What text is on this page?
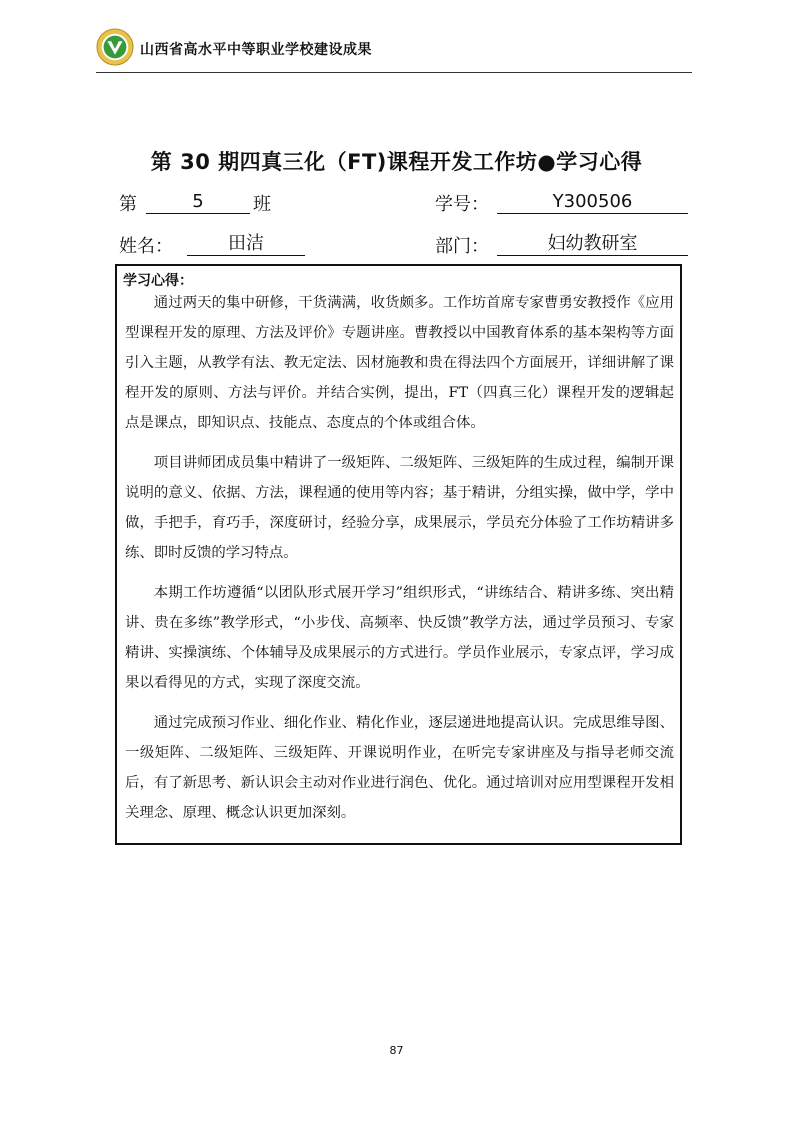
山西省高水平中等职业学校建设成果
第 30 期四真三化（FT)课程开发工作坊●学习心得
第	5	班	学号：	Y300506
姓名：	田洁	部门：	妇幼教研室
学习心得：

通过两天的集中研修，干货满满，收货颇多。工作坊首席专家曹勇安教授作《应用型课程开发的原理、方法及评价》专题讲座。曹教授以中国教育体系的基本架构等方面引入主题，从教学有法、教无定法、因材施教和贵在得法四个方面展开，详细讲解了课程开发的原则、方法与评价。并结合实例，提出，FT（四真三化）课程开发的逻辑起点是课点，即知识点、技能点、态度点的个体或组合体。

项目讲师团成员集中精讲了一级矩阵、二级矩阵、三级矩阵的生成过程，编制开课说明的意义、依据、方法，课程通的使用等内容；基于精讲，分组实操，做中学，学中做，手把手，育巧手，深度研讨，经验分享，成果展示，学员充分体验了工作坊精讲多练、即时反馈的学习特点。

本期工作坊遵循“以团队形式展开学习”组织形式，“讲练结合、精讲多练、突出精讲、贵在多练”教学形式，“小步伐、高频率、快反馈”教学方法，通过学员预习、专家精讲、实操演练、个体辅导及成果展示的方式进行。学员作业展示，专家点评，学习成果以看得见的方式，实现了深度交流。

通过完成预习作业、细化作业、精化作业，逐层递进地提高认识。完成思维导图、一级矩阵、二级矩阵、三级矩阵、开课说明作业，在听完专家讲座及与指导老师交流后，有了新思考、新认识会主动对作业进行润色、优化。通过培训对应用型课程开发相关理念、原理、概念认识更加深刻。

87
